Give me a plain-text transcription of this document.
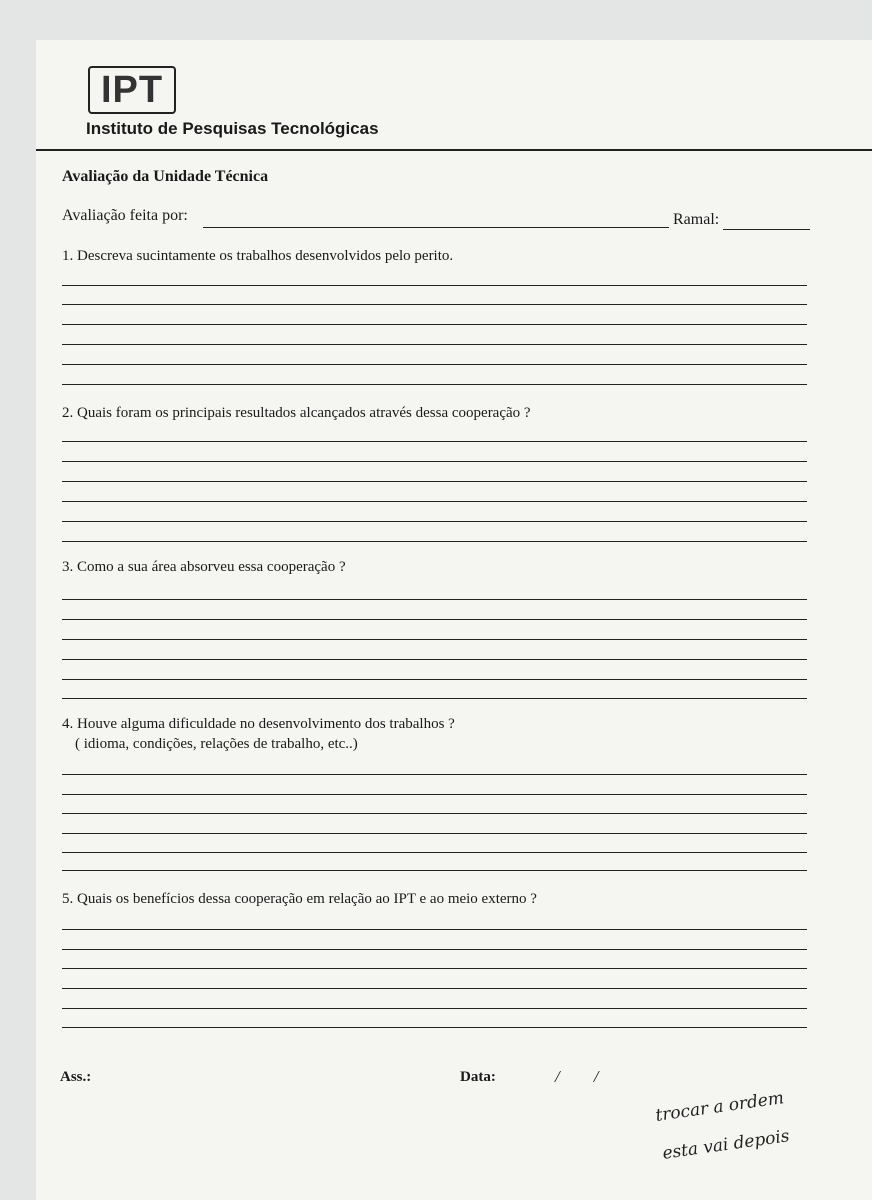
IPT
Instituto de Pesquisas Tecnológicas
Avaliação da Unidade Técnica
Avaliação feita por:	Ramal:
1. Descreva sucintamente os trabalhos desenvolvidos pelo perito.
2. Quais foram os principais resultados alcançados através dessa cooperação ?
3. Como a sua área absorveu essa cooperação ?
4. Houve alguma dificuldade no desenvolvimento dos trabalhos ?
( idioma, condições, relações de trabalho, etc..)
5. Quais os benefícios dessa cooperação em relação ao IPT e ao meio externo ?
Ass.:	Data:	/        /
trocar a ordem
esta vai depois
